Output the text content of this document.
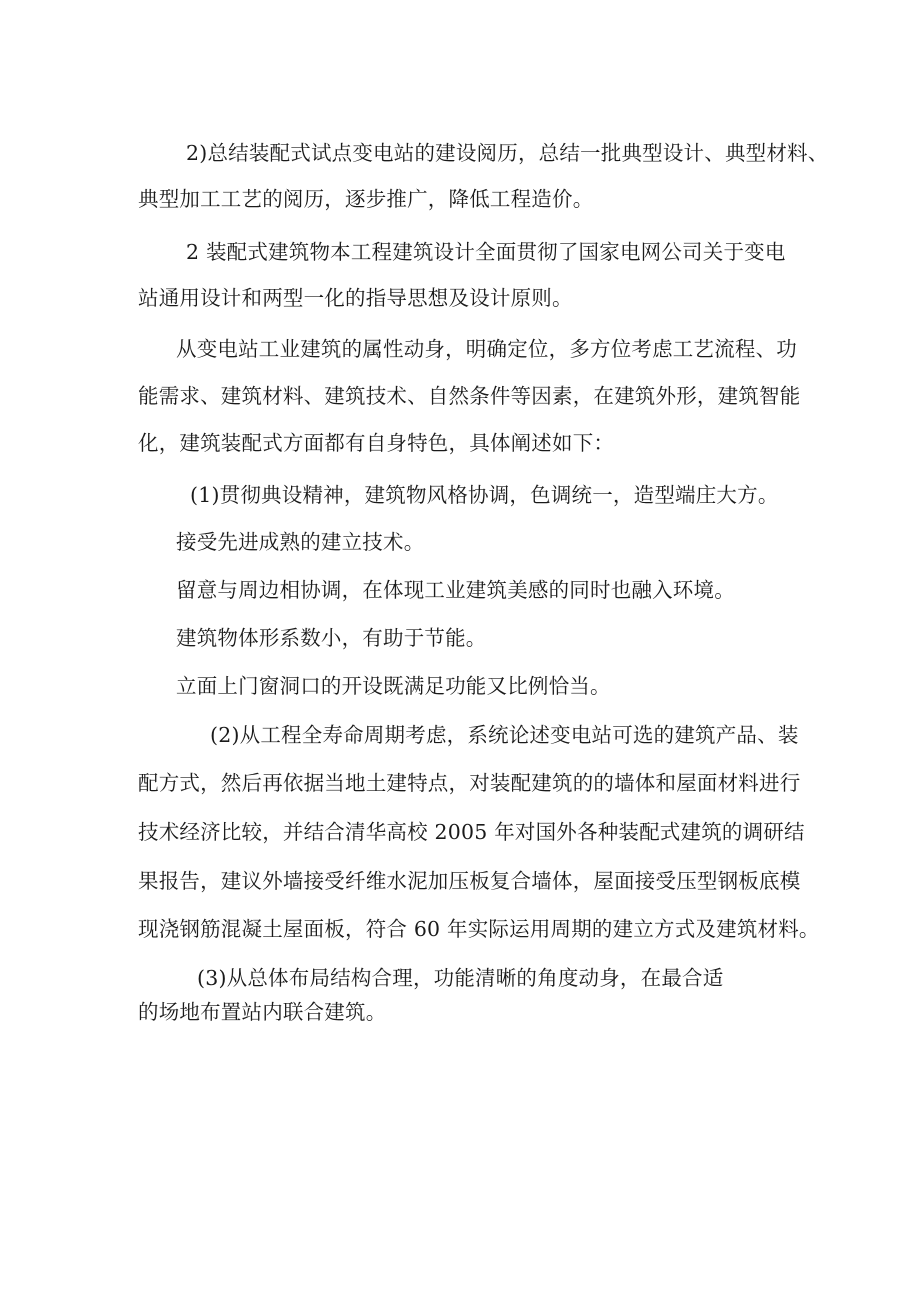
2)总结装配式试点变电站的建设阅历，总结一批典型设计、典型材料、
典型加工工艺的阅历，逐步推广，降低工程造价。
2 装配式建筑物本工程建筑设计全面贯彻了国家电网公司关于变电
站通用设计和两型一化的指导思想及设计原则。
从变电站工业建筑的属性动身，明确定位，多方位考虑工艺流程、功
能需求、建筑材料、建筑技术、自然条件等因素，在建筑外形，建筑智能
化，建筑装配式方面都有自身特色，具体阐述如下：
(1)贯彻典设精神，建筑物风格协调，色调统一，造型端庄大方。
接受先进成熟的建立技术。
留意与周边相协调，在体现工业建筑美感的同时也融入环境。
建筑物体形系数小，有助于节能。
立面上门窗洞口的开设既满足功能又比例恰当。
(2)从工程全寿命周期考虑，系统论述变电站可选的建筑产品、装
配方式，然后再依据当地土建特点，对装配建筑的的墙体和屋面材料进行
技术经济比较，并结合清华高校 2005 年对国外各种装配式建筑的调研结
果报告，建议外墙接受纤维水泥加压板复合墙体，屋面接受压型钢板底模
现浇钢筋混凝土屋面板，符合 60 年实际运用周期的建立方式及建筑材料。
(3)从总体布局结构合理，功能清晰的角度动身，在最合适
的场地布置站内联合建筑。
